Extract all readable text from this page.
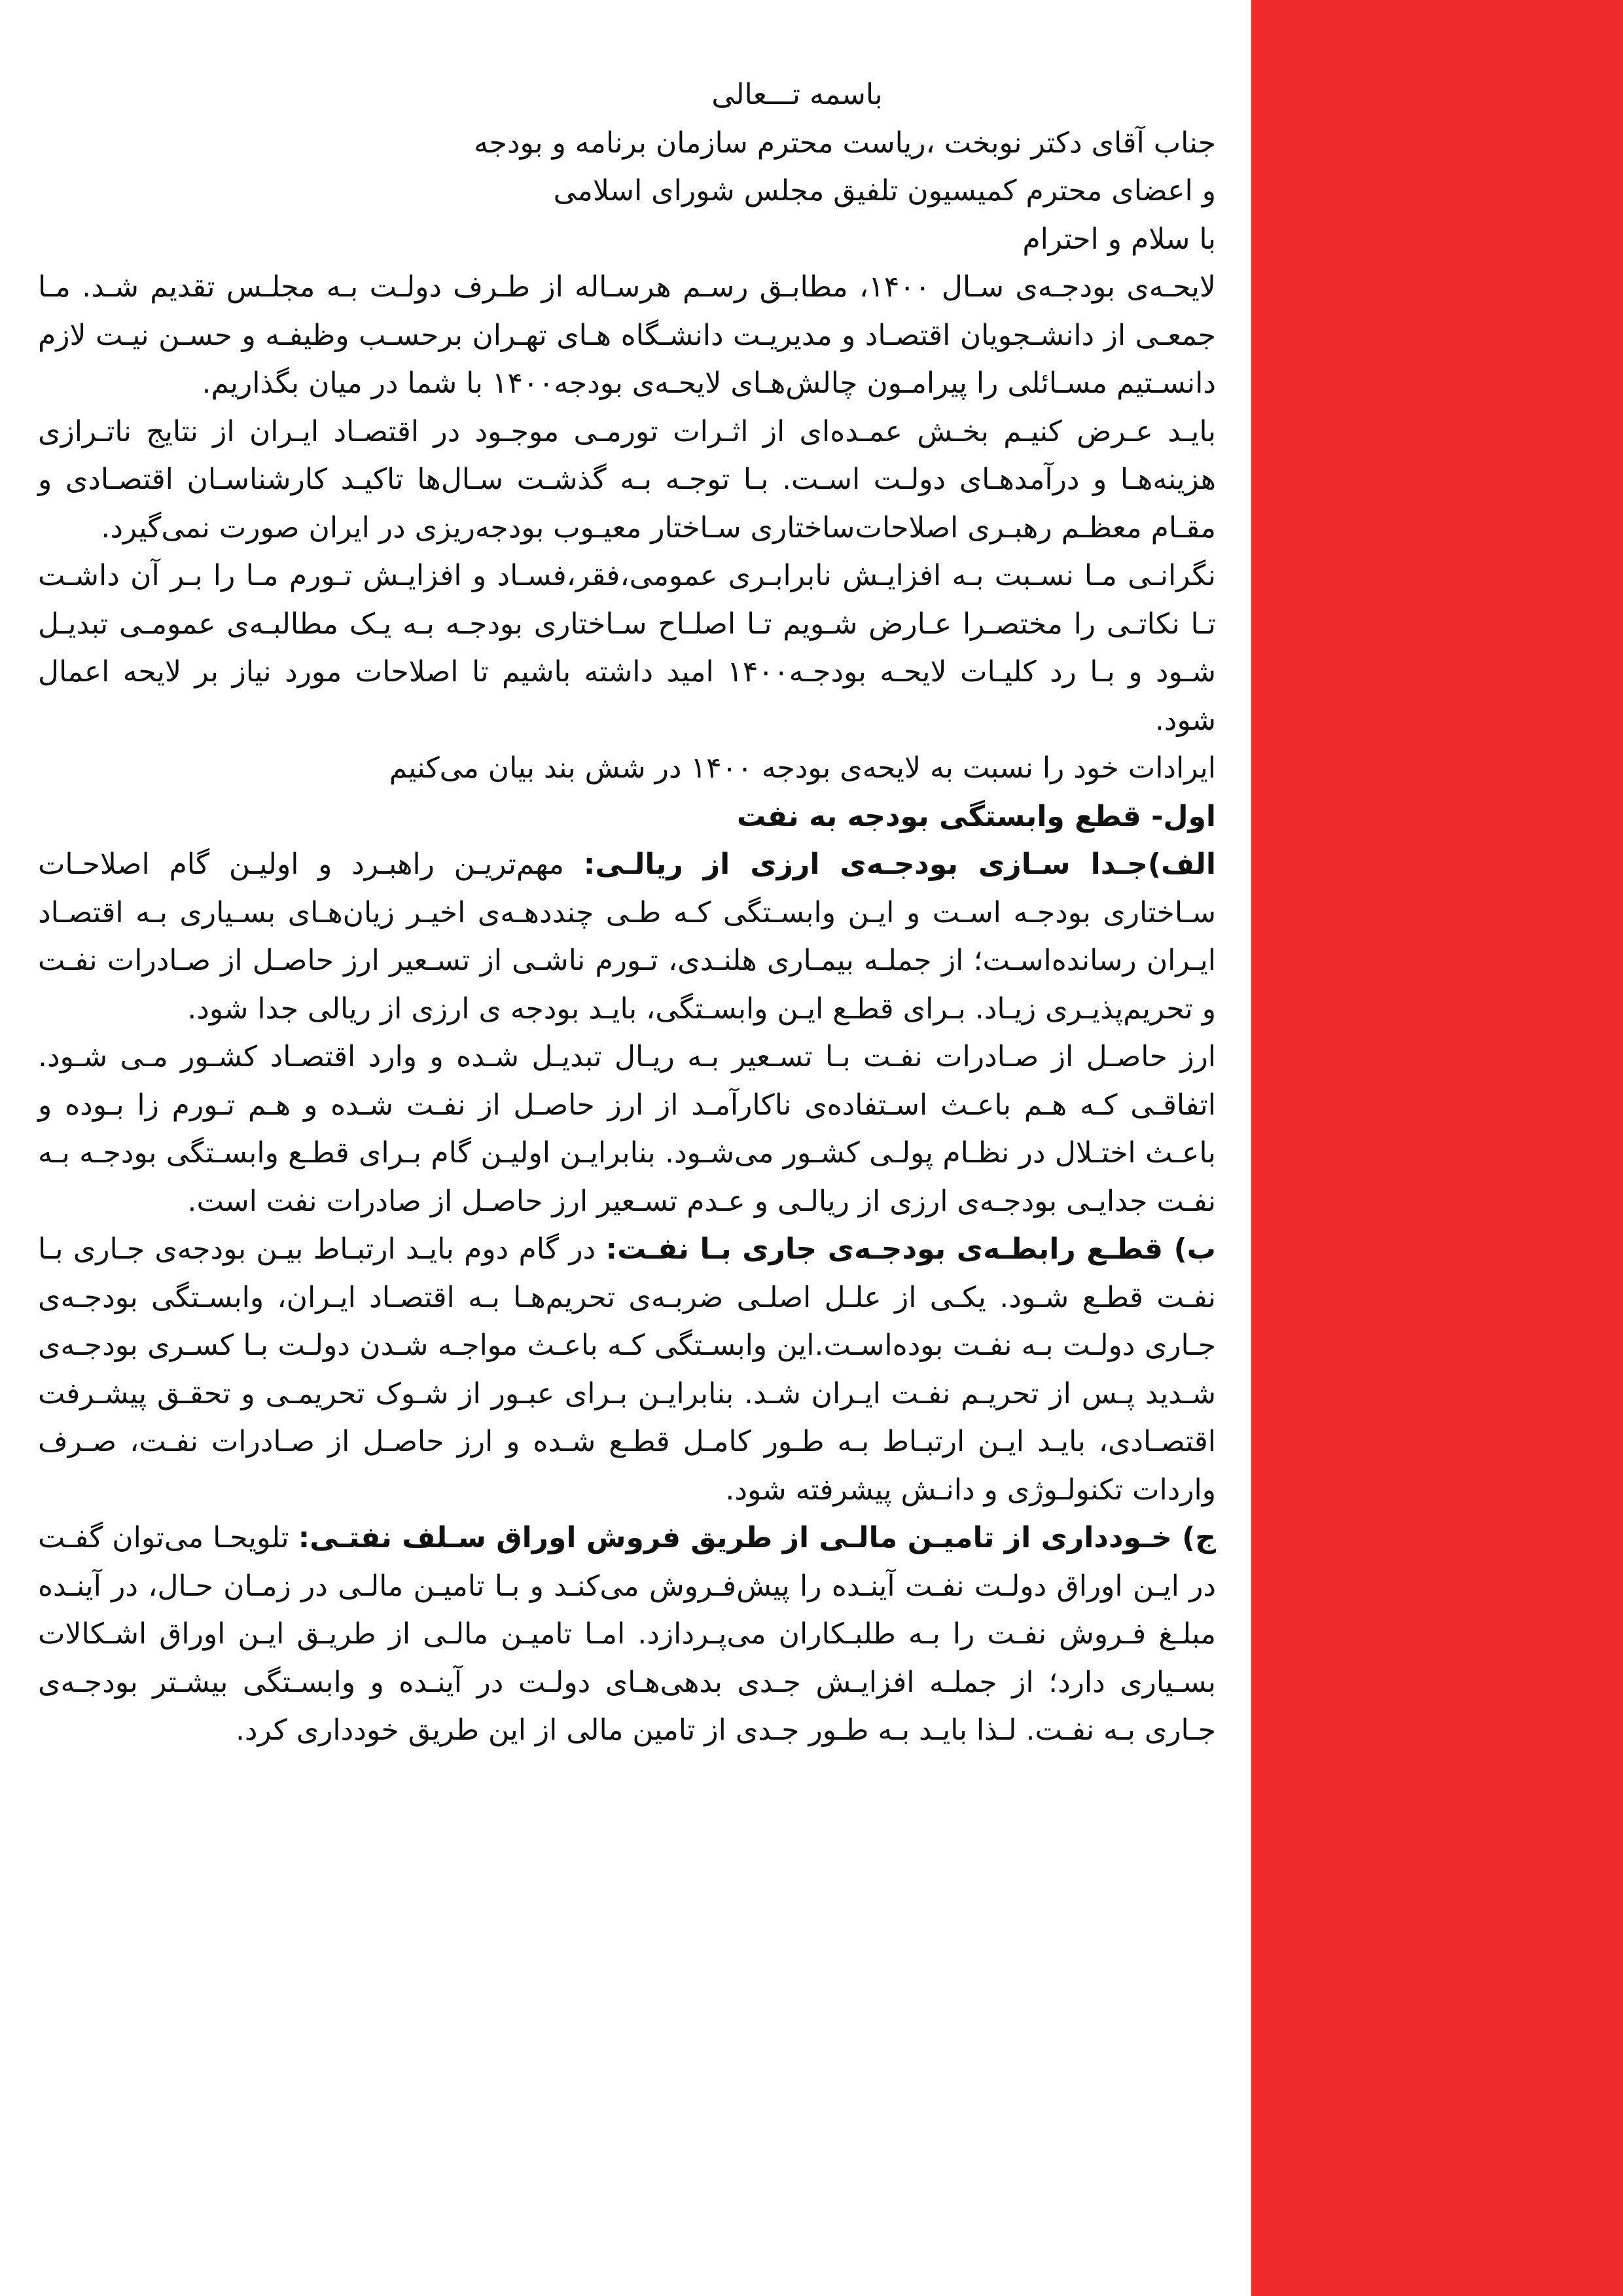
باسمه تـــعالی

جناب آقای دکتر نوبخت ،ریاست محترم سازمان برنامه و بودجه

و اعضای محترم کمیسیون تلفیق مجلس شورای اسلامی

با سلام و احترام

لایحـه‌ی بودجـه‌ی سـال ۱۴۰۰، مطابـق رسـم هرسـاله از طـرف دولـت بـه مجلـس تقدیم شـد. مـا جمعـی از دانشـجویان اقتصـاد و مدیریـت دانشـگاه هـای تهـران برحسـب وظیفـه و حسـن نیـت لازم دانسـتیم مسـائلی را پیرامـون چالش‌هـای لایحـه‌ی بودجه۱۴۰۰ با شما در میان بگذاریم.

بایـد عـرض کنیـم بخـش عمـده‌ای از اثـرات تورمـی موجـود در اقتصـاد ایـران از نتایج ناتـرازی هزینه‌هـا و درآمدهـای دولـت اسـت. بـا توجـه بـه گذشـت سـال‌ها تاکیـد کارشناسـان اقتصـادی و مقـام معظـم رهبـری اصلاحات‌ساختاری سـاختار معیـوب بودجه‌ریزی در ایران صورت نمی‌گیرد.

نگرانـی مـا نسـبت بـه افزایـش نابرابـری عمومی،فقر،فسـاد و افزایـش تـورم مـا را بـر آن داشـت تـا نکاتـی را مختصـرا عـارض شـویم تـا اصلـاح سـاختاری بودجـه بـه یـک مطالبـه‌ی عمومـی تبدیـل شـود و بـا رد کلیـات لایحـه بودجـه۱۴۰۰ امید داشته باشیم تا اصلاحات مورد نیاز بر لایحه اعمال شود.

ایرادات خود را نسبت به لایحه‌ی بودجه ۱۴۰۰ در شش بند بیان می‌کنیم

اول- قطع وابستگی بودجه به نفت

الف)جـدا سـازی بودجـه‌ی ارزی از ریالـی: مهم‌تریـن راهبـرد و اولیـن گام اصلاحـات سـاختاری بودجـه اسـت و ایـن وابسـتگی کـه طـی چنددهـه‌ی اخیـر زیان‌هـای بسـیاری بـه اقتصـاد ایـران رسانده‌اسـت؛ از جملـه بیمـاری هلنـدی، تـورم ناشـی از تسـعیر ارز حاصـل از صـادرات نفـت و تحریم‌پذیـری زیـاد. بـرای قطـع ایـن وابسـتگی، بایـد بودجه ی ارزی از ریالی جدا شود.

ارز حاصـل از صـادرات نفـت بـا تسـعیر بـه ریـال تبدیـل شـده و وارد اقتصـاد کشـور مـی شـود. اتفاقـی کـه هـم باعـث اسـتفاده‌ی ناکارآمـد از ارز حاصـل از نفـت شـده و هـم تـورم زا بـوده و باعـث اختـلال در نظـام پولـی کشـور می‌شـود. بنابرایـن اولیـن گام بـرای قطـع وابسـتگی بودجـه بـه نفـت جدایـی بودجـه‌ی ارزی از ریالـی و عـدم تسـعیر ارز حاصـل از صادرات نفت است.

ب) قطـع رابطـه‌ی بودجـه‌ی جاری بـا نفـت: در گام دوم بایـد ارتبـاط بیـن بودجه‌ی جـاری بـا نفـت قطـع شـود. یکـی از علـل اصلـی ضربـه‌ی تحریم‌هـا بـه اقتصـاد ایـران، وابسـتگی بودجـه‌ی جـاری دولـت بـه نفـت بوده‌اسـت.این وابسـتگی کـه باعـث مواجـه شـدن دولـت بـا کسـری بودجـه‌ی شـدید پـس از تحریـم نفـت ایـران شـد. بنابرایـن بـرای عبـور از شـوک تحریمـی و تحقـق پیشـرفت اقتصـادی، بایـد ایـن ارتبـاط بـه طـور کامـل قطـع شـده و ارز حاصـل از صـادرات نفـت، صـرف واردات تکنولـوژی و دانـش پیشرفته شود.

ج) خـودداری از تامیـن مالـی از طریق فروش اوراق سـلف نفتـی: تلویحـا می‌توان گفـت در ایـن اوراق دولـت نفـت آینـده را پیش‌فـروش می‌کنـد و بـا تامیـن مالـی در زمـان حـال، در آینـده مبلـغ فـروش نفـت را بـه طلبـکاران می‌پـردازد. امـا تامیـن مالـی از طریـق ایـن اوراق اشـکالات بسـیاری دارد؛ از جملـه افزایـش جـدی بدهی‌هـای دولـت در آینـده و وابسـتگی بیشـتر بودجـه‌ی جـاری بـه نفـت. لـذا بایـد بـه طـور جـدی از تامین مالی از این طریق خودداری کرد.
